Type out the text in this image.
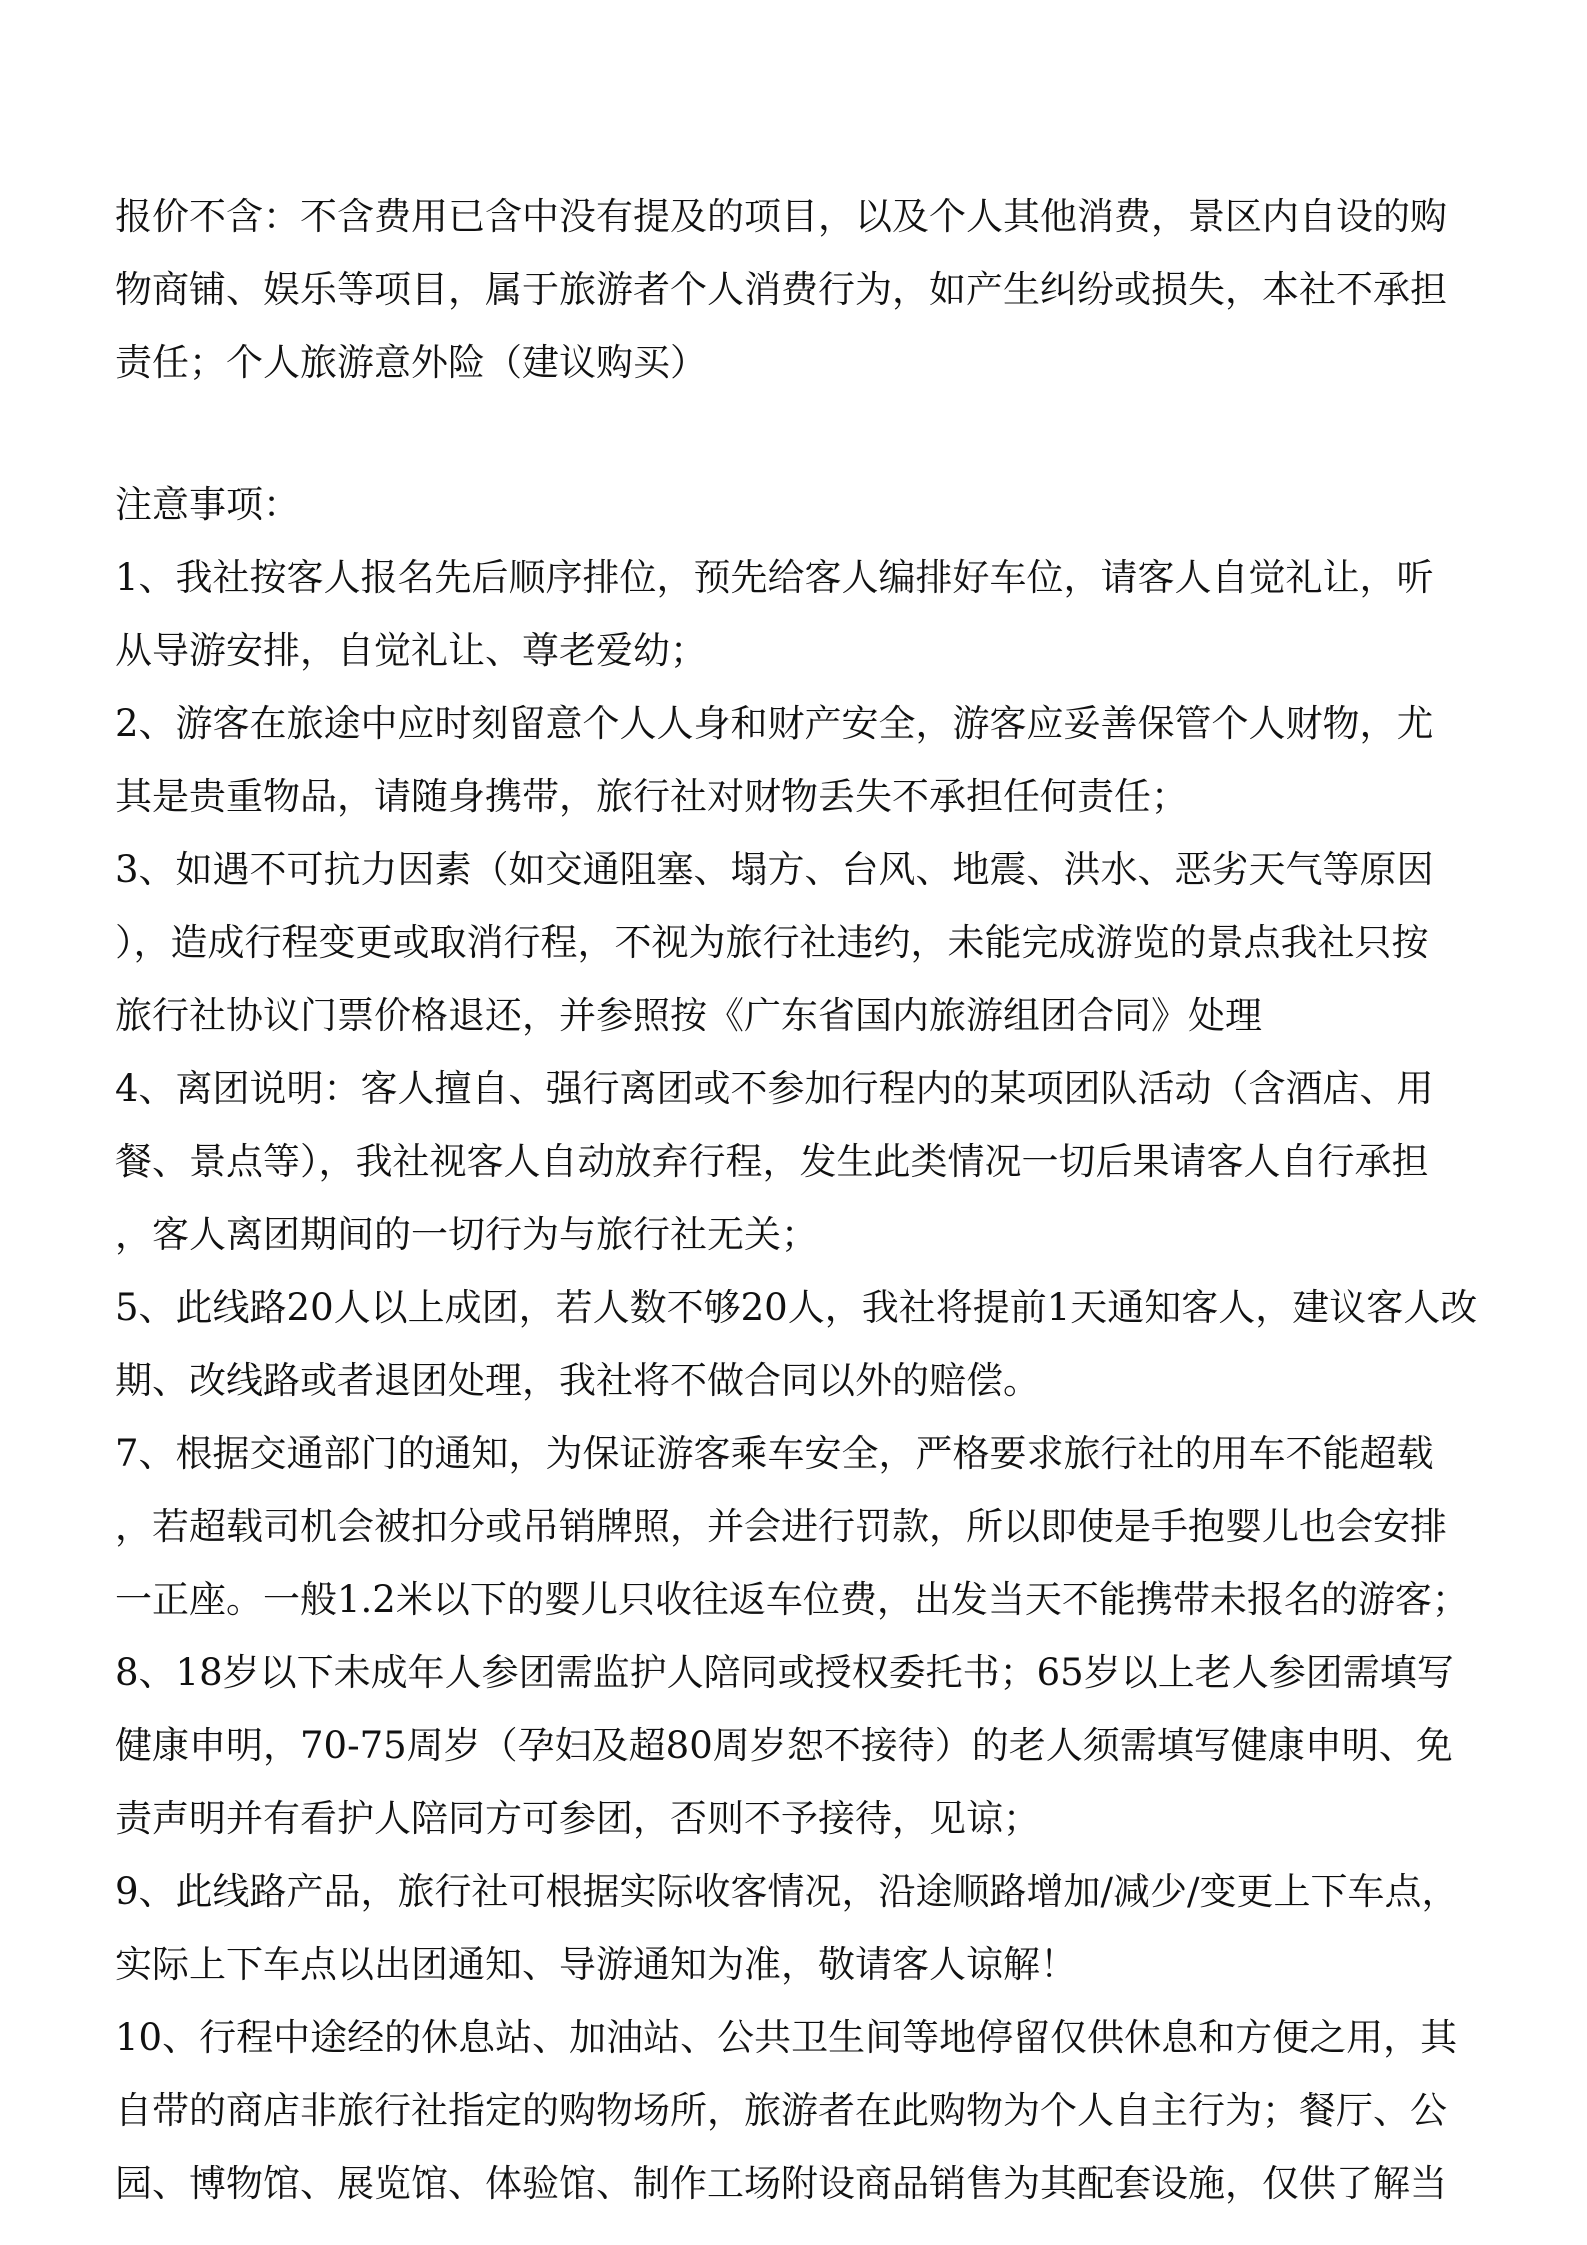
报价不含：不含费用已含中没有提及的项目，以及个人其他消费，景区内自设的购
物商铺、娱乐等项目，属于旅游者个人消费行为，如产生纠纷或损失，本社不承担
责任；个人旅游意外险（建议购买）
注意事项：
1、我社按客人报名先后顺序排位，预先给客人编排好车位，请客人自觉礼让，听
从导游安排，自觉礼让、尊老爱幼；
2、游客在旅途中应时刻留意个人人身和财产安全，游客应妥善保管个人财物，尤
其是贵重物品，请随身携带，旅行社对财物丢失不承担任何责任；
3、如遇不可抗力因素（如交通阻塞、塌方、台风、地震、洪水、恶劣天气等原因
），造成行程变更或取消行程，不视为旅行社违约，未能完成游览的景点我社只按
旅行社协议门票价格退还，并参照按《广东省国内旅游组团合同》处理
4、离团说明：客人擅自、强行离团或不参加行程内的某项团队活动（含酒店、用
餐、景点等），我社视客人自动放弃行程，发生此类情况一切后果请客人自行承担
，客人离团期间的一切行为与旅行社无关；
5、此线路20人以上成团，若人数不够20人，我社将提前1天通知客人，建议客人改
期、改线路或者退团处理，我社将不做合同以外的赔偿。
7、根据交通部门的通知，为保证游客乘车安全，严格要求旅行社的用车不能超载
，若超载司机会被扣分或吊销牌照，并会进行罚款，所以即使是手抱婴儿也会安排
一正座。一般1.2米以下的婴儿只收往返车位费，出发当天不能携带未报名的游客；
8、18岁以下未成年人参团需监护人陪同或授权委托书；65岁以上老人参团需填写
健康申明，70-75周岁（孕妇及超80周岁恕不接待）的老人须需填写健康申明、免
责声明并有看护人陪同方可参团，否则不予接待，见谅；
9、此线路产品，旅行社可根据实际收客情况，沿途顺路增加/减少/变更上下车点，
实际上下车点以出团通知、导游通知为准，敬请客人谅解！
10、行程中途经的休息站、加油站、公共卫生间等地停留仅供休息和方便之用，其
自带的商店非旅行社指定的购物场所，旅游者在此购物为个人自主行为；餐厅、公
园、博物馆、展览馆、体验馆、制作工场附设商品销售为其配套设施，仅供了解当
